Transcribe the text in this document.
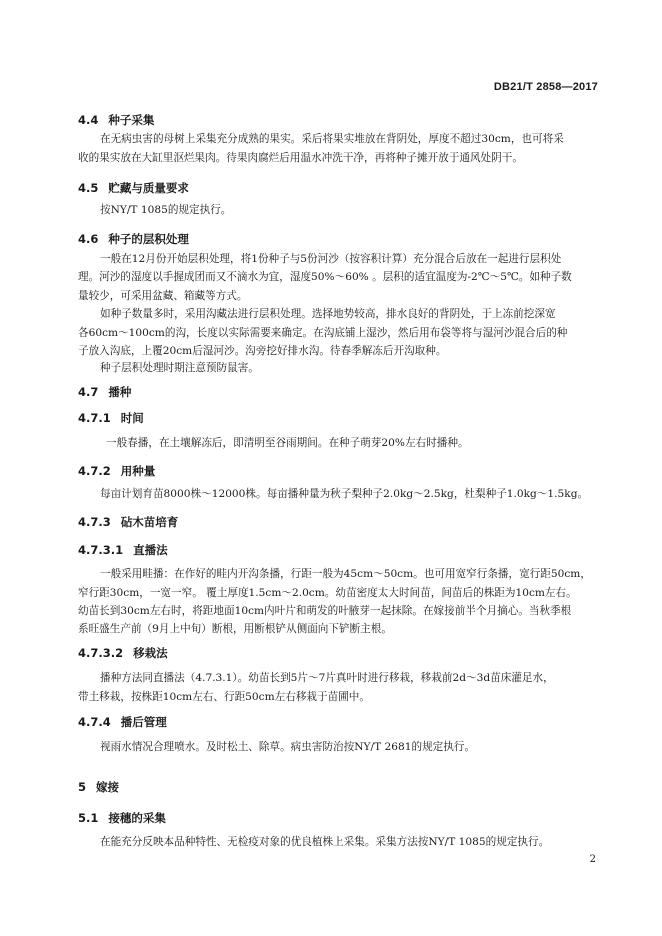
DB21/T 2858—2017
4.4 种子采集
在无病虫害的母树上采集充分成熟的果实。采后将果实堆放在背阴处，厚度不超过30cm，也可将采
收的果实放在大缸里沤烂果肉。待果肉腐烂后用温水冲洗干净，再将种子摊开放于通风处阴干。
4.5 贮藏与质量要求
按NY/T 1085的规定执行。
4.6 种子的层积处理
一般在12月份开始层积处理，将1份种子与5份河沙（按容积计算）充分混合后放在一起进行层积处
理。河沙的湿度以手握成团而又不滴水为宜，湿度50%～60% 。层积的适宜温度为-2℃～5℃。如种子数
量较少，可采用盆藏、箱藏等方式。
如种子数量多时，采用沟藏法进行层积处理。选择地势较高，排水良好的背阴处，于上冻前挖深宽
各60cm～100cm的沟，长度以实际需要来确定。在沟底铺上湿沙，然后用布袋等将与湿河沙混合后的种
子放入沟底，上覆20cm后湿河沙。沟旁挖好排水沟。待春季解冻后开沟取种。
种子层积处理时期注意预防鼠害。
4.7 播种
4.7.1 时间
一般春播，在土壤解冻后，即清明至谷雨期间。在种子萌芽20%左右时播种。
4.7.2 用种量
每亩计划育苗8000株～12000株。每亩播种量为秋子梨种子2.0kg～2.5kg，杜梨种子1.0kg～1.5kg。
4.7.3 砧木苗培育
4.7.3.1 直播法
一般采用畦播：在作好的畦内开沟条播，行距一般为45cm～50cm。也可用宽窄行条播，宽行距50cm，
窄行距30cm，一宽一窄。 覆土厚度1.5cm～2.0cm。幼苗密度太大时间苗，间苗后的株距为10cm左右。
幼苗长到30cm左右时，将距地面10cm内叶片和萌发的叶腋芽一起抹除。在嫁接前半个月摘心。当秋季根
系旺盛生产前（9月上中旬）断根，用断根铲从侧面向下铲断主根。
4.7.3.2 移栽法
播种方法同直播法（4.7.3.1）。幼苗长到5片～7片真叶时进行移栽，移栽前2d～3d苗床灌足水，
带土移栽，按株距10cm左右、行距50cm左右移栽于苗圃中。
4.7.4 播后管理
视雨水情况合理喷水。及时松土、除草。病虫害防治按NY/T 2681的规定执行。
5 嫁接
5.1 接穗的采集
在能充分反映本品种特性、无检疫对象的优良植株上采集。采集方法按NY/T 1085的规定执行。
2
